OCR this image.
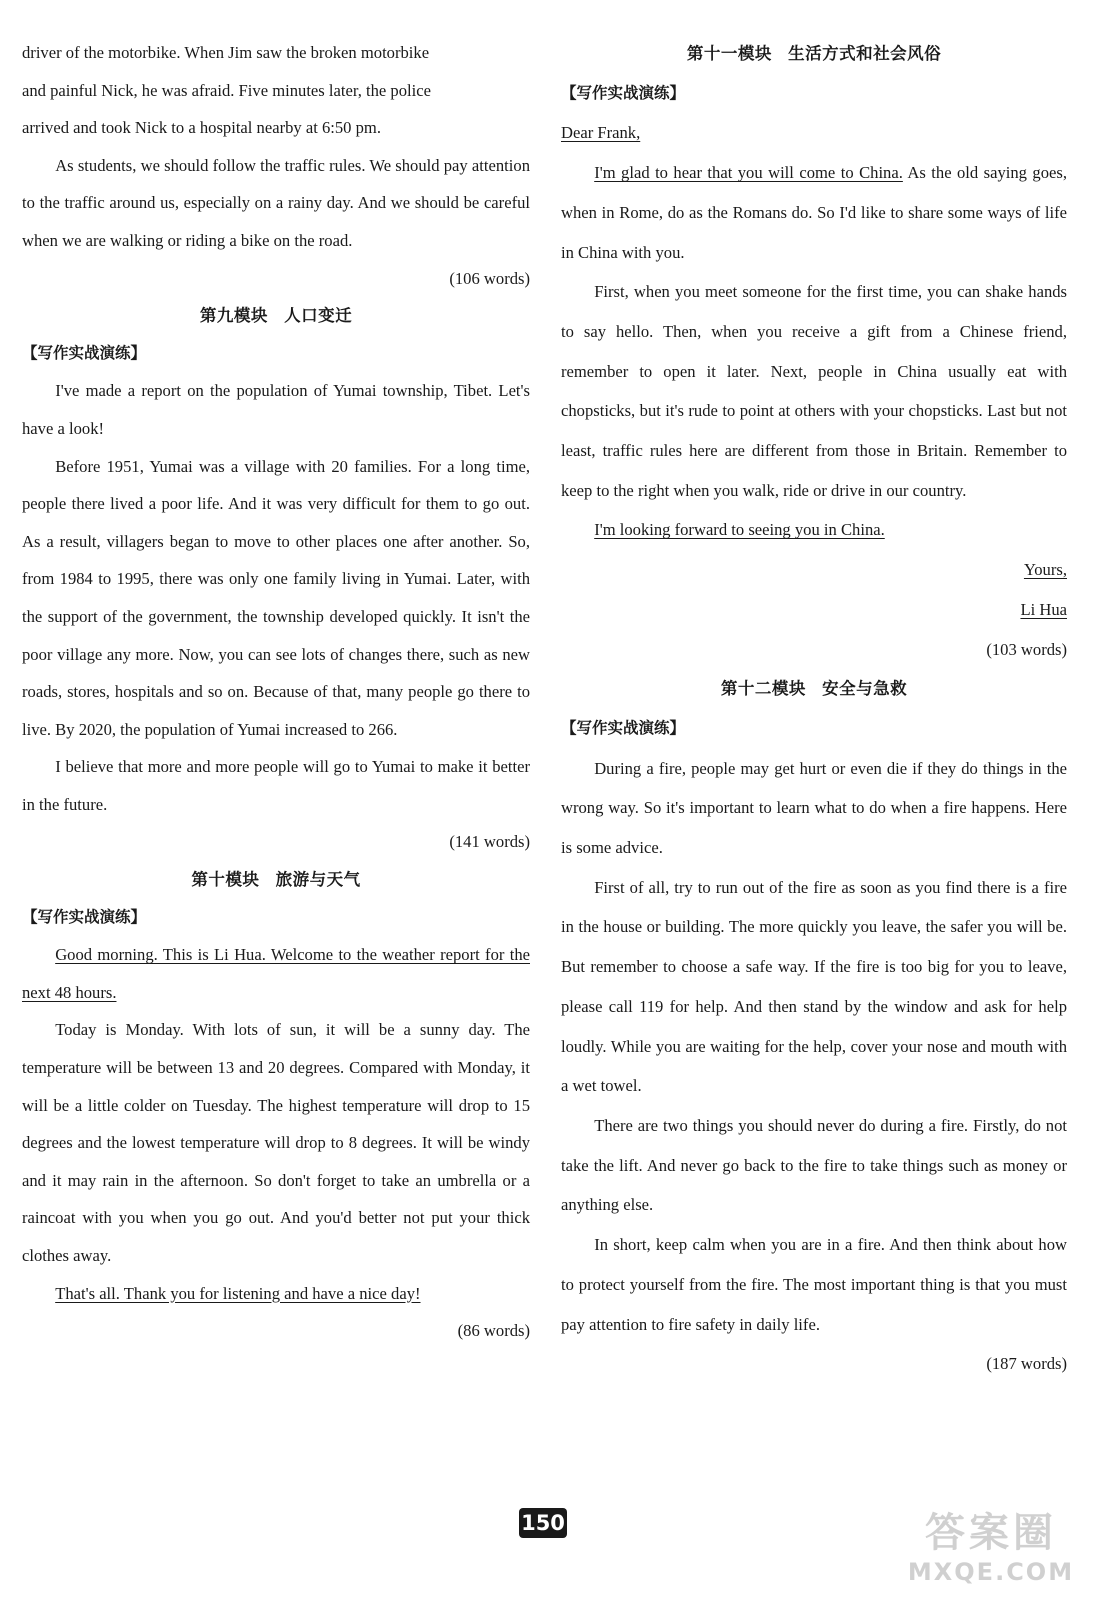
driver of the motorbike. When Jim saw the broken motorbike

and painful Nick, he was afraid. Five minutes later, the police

arrived and took Nick to a hospital nearby at 6:50 pm.

As students, we should follow the traffic rules. We should pay attention to the traffic around us, especially on a rainy day. And we should be careful when we are walking or riding a bike on the road.

(106 words)

第九模块 人口变迁
【写作实战演练】

I've made a report on the population of Yumai township, Tibet. Let's have a look!

Before 1951, Yumai was a village with 20 families. For a long time, people there lived a poor life. And it was very difficult for them to go out. As a result, villagers began to move to other places one after another. So, from 1984 to 1995, there was only one family living in Yumai. Later, with the support of the government, the township developed quickly. It isn't the poor village any more. Now, you can see lots of changes there, such as new roads, stores, hospitals and so on. Because of that, many people go there to live. By 2020, the population of Yumai increased to 266.

I believe that more and more people will go to Yumai to make it better in the future.

(141 words)

第十模块 旅游与天气
【写作实战演练】

Good morning. This is Li Hua. Welcome to the weather report for the next 48 hours.

Today is Monday. With lots of sun, it will be a sunny day. The temperature will be between 13 and 20 degrees. Compared with Monday, it will be a little colder on Tuesday. The highest temperature will drop to 15 degrees and the lowest temperature will drop to 8 degrees. It will be windy and it may rain in the afternoon. So don't forget to take an umbrella or a raincoat with you when you go out. And you'd better not put your thick clothes away.

That's all. Thank you for listening and have a nice day!

(86 words)

第十一模块 生活方式和社会风俗
【写作实战演练】

Dear Frank,

I'm glad to hear that you will come to China. As the old saying goes, when in Rome, do as the Romans do. So I'd like to share some ways of life in China with you.

First, when you meet someone for the first time, you can shake hands to say hello. Then, when you receive a gift from a Chinese friend, remember to open it later. Next, people in China usually eat with chopsticks, but it's rude to point at others with your chopsticks. Last but not least, traffic rules here are different from those in Britain. Remember to keep to the right when you walk, ride or drive in our country.

I'm looking forward to seeing you in China.

Yours,

Li Hua

(103 words)

第十二模块 安全与急救
【写作实战演练】

During a fire, people may get hurt or even die if they do things in the wrong way. So it's important to learn what to do when a fire happens. Here is some advice.

First of all, try to run out of the fire as soon as you find there is a fire in the house or building. The more quickly you leave, the safer you will be. But remember to choose a safe way. If the fire is too big for you to leave, please call 119 for help. And then stand by the window and ask for help loudly. While you are waiting for the help, cover your nose and mouth with a wet towel.

There are two things you should never do during a fire. Firstly, do not take the lift. And never go back to the fire to take things such as money or anything else.

In short, keep calm when you are in a fire. And then think about how to protect yourself from the fire. The most important thing is that you must pay attention to fire safety in daily life.

(187 words)

150	答案圈
MXQE.COM
